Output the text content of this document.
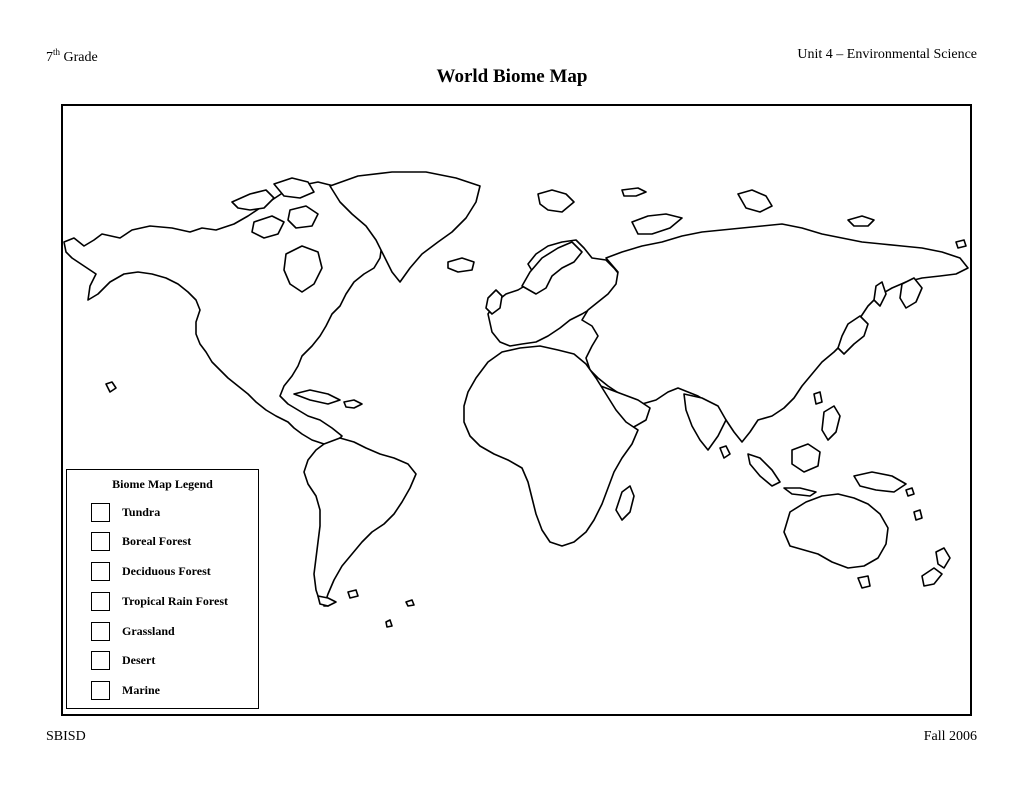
7th Grade	Unit 4 – Environmental Science
World Biome Map
Biome Map Legend
Tundra
Boreal Forest
Deciduous Forest
Tropical Rain Forest
Grassland
Desert
Marine
SBISD	Fall 2006
